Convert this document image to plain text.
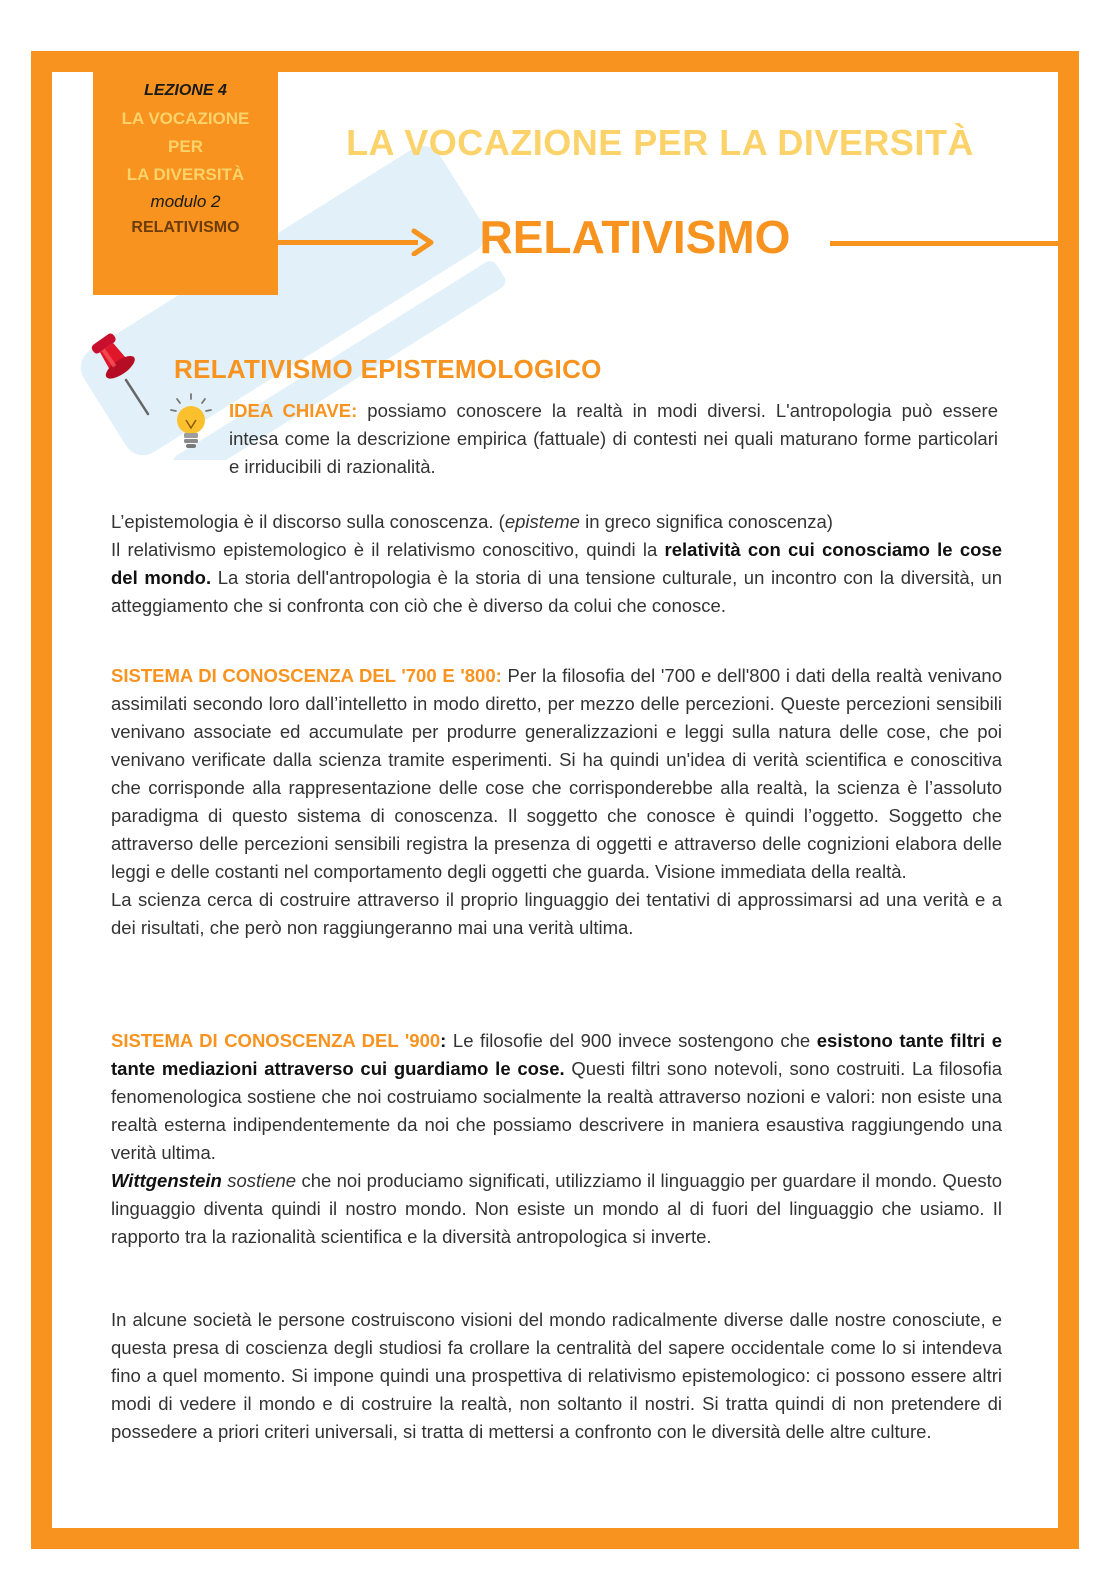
LEZIONE 4
LA VOCAZIONE
PER
LA DIVERSITÀ
modulo 2
RELATIVISMO
LA VOCAZIONE PER LA DIVERSITÀ
RELATIVISMO
RELATIVISMO EPISTEMOLOGICO

IDEA CHIAVE: possiamo conoscere la realtà in modi diversi. L'antropologia può essere intesa come la descrizione empirica (fattuale) di contesti nei quali maturano forme particolari e irriducibili di razionalità.

L’epistemologia è il discorso sulla conoscenza. (episteme in greco significa conoscenza)

Il relativismo epistemologico è il relativismo conoscitivo, quindi la relatività con cui conosciamo le cose del mondo. La storia dell'antropologia è la storia di una tensione culturale, un incontro con la diversità, un atteggiamento che si confronta con ciò che è diverso da colui che conosce.

SISTEMA DI CONOSCENZA DEL '700 E '800: Per la filosofia del '700 e dell'800 i dati della realtà venivano assimilati secondo loro dall’intelletto in modo diretto, per mezzo delle percezioni. Queste percezioni sensibili venivano associate ed accumulate per produrre generalizzazioni e leggi sulla natura delle cose, che poi venivano verificate dalla scienza tramite esperimenti. Si ha quindi un'idea di verità scientifica e conoscitiva che corrisponde alla rappresentazione delle cose che corrisponderebbe alla realtà, la scienza è l’assoluto paradigma di questo sistema di conoscenza. Il soggetto che conosce è quindi l’oggetto. Soggetto che attraverso delle percezioni sensibili registra la presenza di oggetti e attraverso delle cognizioni elabora delle leggi e delle costanti nel comportamento degli oggetti che guarda. Visione immediata della realtà.

La scienza cerca di costruire attraverso il proprio linguaggio dei tentativi di approssimarsi ad una verità e a dei risultati, che però non raggiungeranno mai una verità ultima.

SISTEMA DI CONOSCENZA DEL '900: Le filosofie del 900 invece sostengono che esistono tante filtri e tante mediazioni attraverso cui guardiamo le cose. Questi filtri sono notevoli, sono costruiti. La filosofia fenomenologica sostiene che noi costruiamo socialmente la realtà attraverso nozioni e valori: non esiste una realtà esterna indipendentemente da noi che possiamo descrivere in maniera esaustiva raggiungendo una verità ultima.

Wittgenstein sostiene che noi produciamo significati, utilizziamo il linguaggio per guardare il mondo. Questo linguaggio diventa quindi il nostro mondo. Non esiste un mondo al di fuori del linguaggio che usiamo. Il rapporto tra la razionalità scientifica e la diversità antropologica si inverte.

In alcune società le persone costruiscono visioni del mondo radicalmente diverse dalle nostre conosciute, e questa presa di coscienza degli studiosi fa crollare la centralità del sapere occidentale come lo si intendeva fino a quel momento. Si impone quindi una prospettiva di relativismo epistemologico: ci possono essere altri modi di vedere il mondo e di costruire la realtà, non soltanto il nostri. Si tratta quindi di non pretendere di possedere a priori criteri universali, si tratta di mettersi a confronto con le diversità delle altre culture.
